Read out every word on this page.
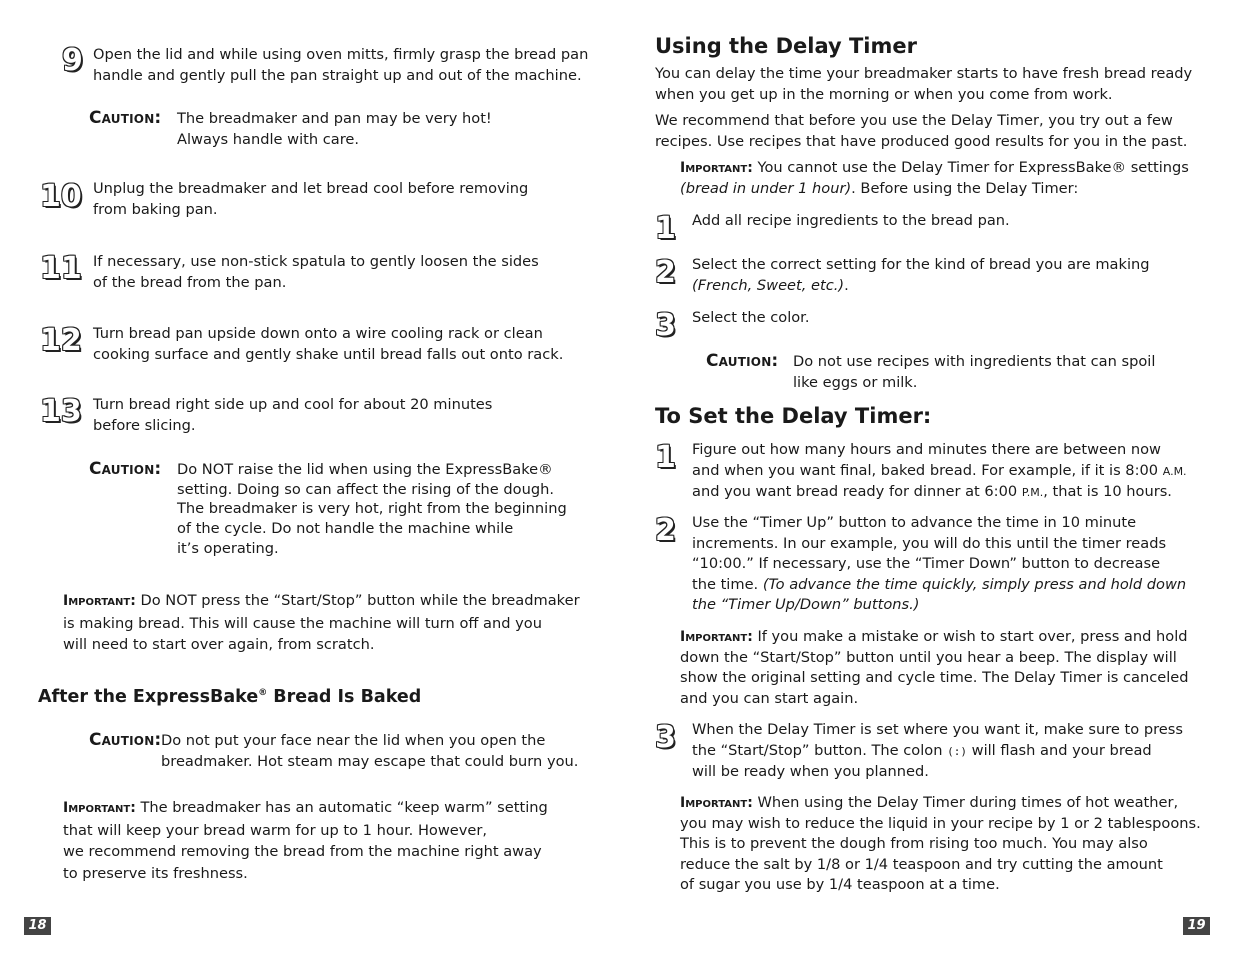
9 Open the lid and while using oven mitts, firmly grasp the bread pan

handle and gently pull the pan straight up and out of the machine.

Caution: The breadmaker and pan may be very hot!

Always handle with care.

10 Unplug the breadmaker and let bread cool before removing

from baking pan.

11 If necessary, use non-stick spatula to gently loosen the sides

of the bread from the pan.

12 Turn bread pan upside down onto a wire cooling rack or clean

cooking surface and gently shake until bread falls out onto rack.

13 Turn bread right side up and cool for about 20 minutes

before slicing.

Caution: Do NOT raise the lid when using the ExpressBake®

setting. Doing so can affect the rising of the dough.

The breadmaker is very hot, right from the beginning

of the cycle. Do not handle the machine while

it’s operating.

Important: Do NOT press the “Start/Stop” button while the breadmaker

is making bread. This will cause the machine will turn off and you

will need to start over again, from scratch.

After the ExpressBake® Bread Is Baked
Caution: Do not put your face near the lid when you open the

breadmaker. Hot steam may escape that could burn you.

Important: The breadmaker has an automatic “keep warm” setting

that will keep your bread warm for up to 1 hour. However,

we recommend removing the bread from the machine right away

to preserve its freshness.

18
Using the Delay Timer

You can delay the time your breadmaker starts to have fresh bread ready

when you get up in the morning or when you come from work.

We recommend that before you use the Delay Timer, you try out a few

recipes. Use recipes that have produced good results for you in the past.

Important: You cannot use the Delay Timer for ExpressBake® settings

(bread in under 1 hour). Before using the Delay Timer:

1 Add all recipe ingredients to the bread pan.

2 Select the correct setting for the kind of bread you are making

(French, Sweet, etc.).

3 Select the color.

Caution: Do not use recipes with ingredients that can spoil

like eggs or milk.

To Set the Delay Timer:
1 Figure out how many hours and minutes there are between now

and when you want final, baked bread. For example, if it is 8:00 A.M.

and you want bread ready for dinner at 6:00 P.M., that is 10 hours.

2 Use the “Timer Up” button to advance the time in 10 minute

increments. In our example, you will do this until the timer reads

“10:00.” If necessary, use the “Timer Down” button to decrease

the time. (To advance the time quickly, simply press and hold down

the “Timer Up/Down” buttons.)

Important: If you make a mistake or wish to start over, press and hold

down the “Start/Stop” button until you hear a beep. The display will

show the original setting and cycle time. The Delay Timer is canceled

and you can start again.

3 When the Delay Timer is set where you want it, make sure to press

the “Start/Stop” button. The colon (:) will flash and your bread

will be ready when you planned.

Important: When using the Delay Timer during times of hot weather,

you may wish to reduce the liquid in your recipe by 1 or 2 tablespoons.

This is to prevent the dough from rising too much. You may also

reduce the salt by 1/8 or 1/4 teaspoon and try cutting the amount

of sugar you use by 1/4 teaspoon at a time.

19
